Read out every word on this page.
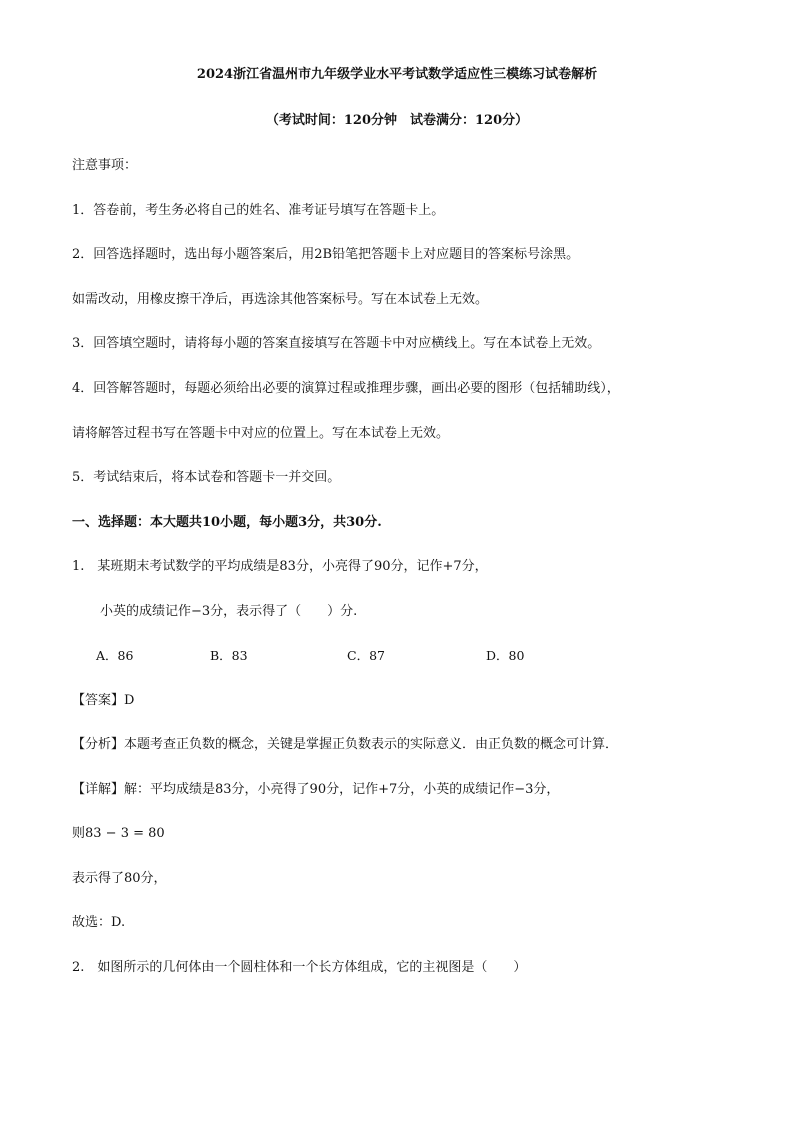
2024浙江省温州市九年级学业水平考试数学适应性三模练习试卷解析
（考试时间：120分钟　试卷满分：120分）
注意事项：
1．答卷前，考生务必将自己的姓名、准考证号填写在答题卡上。
2．回答选择题时，选出每小题答案后，用2B铅笔把答题卡上对应题目的答案标号涂黑。
如需改动，用橡皮擦干净后，再选涂其他答案标号。写在本试卷上无效。
3．回答填空题时，请将每小题的答案直接填写在答题卡中对应横线上。写在本试卷上无效。
4．回答解答题时，每题必须给出必要的演算过程或推理步骤，画出必要的图形（包括辅助线），
请将解答过程书写在答题卡中对应的位置上。写在本试卷上无效。
5．考试结束后，将本试卷和答题卡一并交回。
一、选择题：本大题共10小题，每小题3分，共30分.
1.　某班期末考试数学的平均成绩是83分，小亮得了90分，记作+7分，
小英的成绩记作−3分，表示得了（　　）分.
A．86	B．83	C．87	D．80
【答案】D
【分析】本题考查正负数的概念，关键是掌握正负数表示的实际意义．由正负数的概念可计算．
【详解】解：平均成绩是83分，小亮得了90分，记作+7分，小英的成绩记作−3分，
则83 − 3 = 80
表示得了80分，
故选：D.
2.　如图所示的几何体由一个圆柱体和一个长方体组成，它的主视图是（　　）
